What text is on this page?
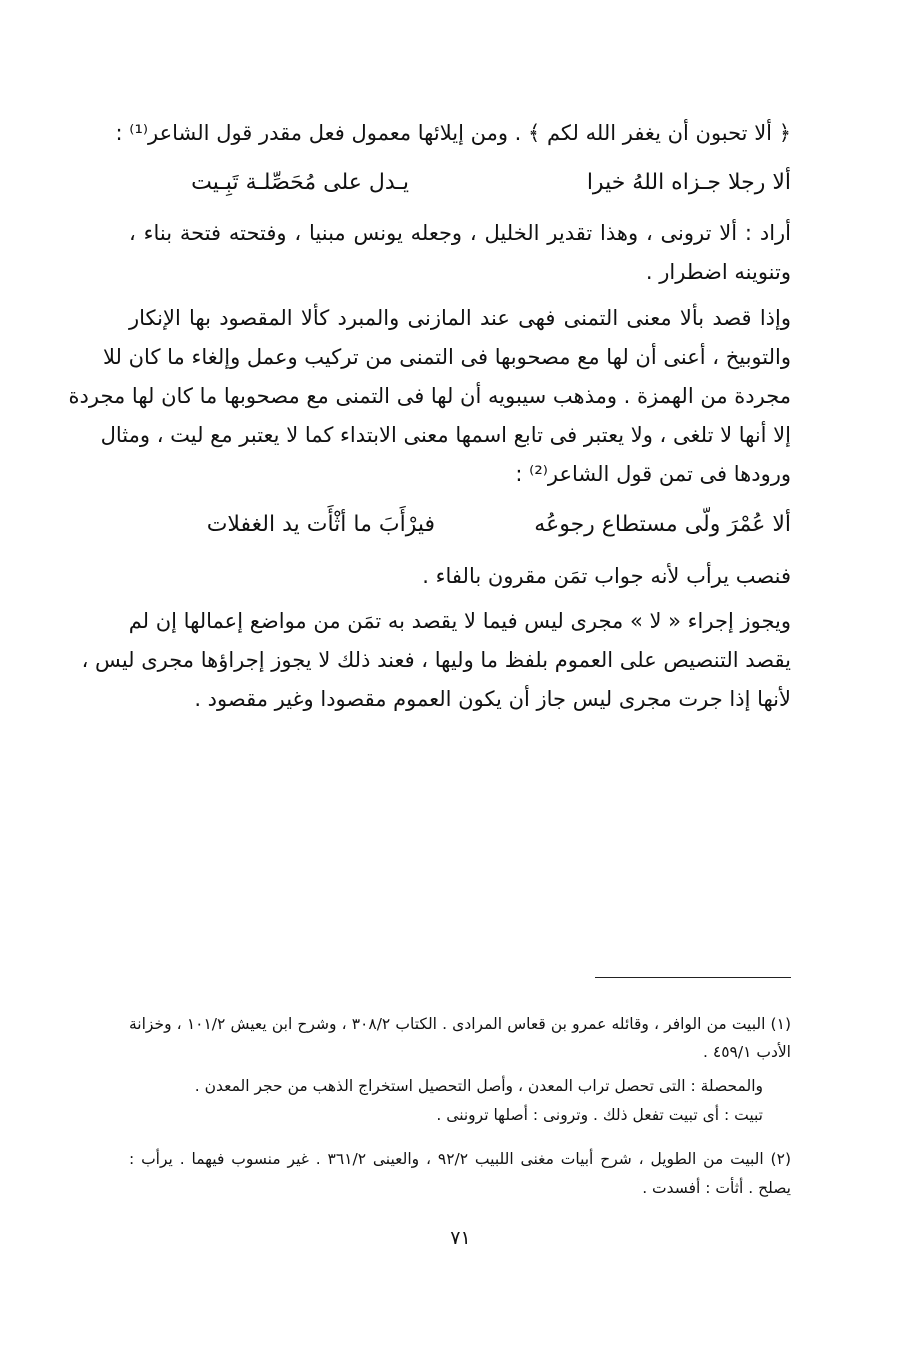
﴿ ألا تحبون أن يغفر الله لكم ﴾ . ومن إيلائها معمول فعل مقدر قول الشاعر⁽¹⁾ :
ألا رجلا جـزاه اللهُ خيرا
يـدل على مُحَصِّلـة تَبِـيت
أراد : ألا ترونى ، وهذا تقدير الخليل ، وجعله يونس مبنيا ، وفتحته فتحة بناء ،
وتنوينه اضطرار .
وإذا قصد بألا معنى التمنى فهى عند المازنى والمبرد كألا المقصود بها الإنكار
والتوبيخ ، أعنى أن لها مع مصحوبها فى التمنى من تركيب وعمل وإلغاء ما كان للا
مجردة من الهمزة . ومذهب سيبويه أن لها فى التمنى مع مصحوبها ما كان لها مجردة
إلا أنها لا تلغى ، ولا يعتبر فى تابع اسمها معنى الابتداء كما لا يعتبر مع ليت ، ومثال
ورودها فى تمن قول الشاعر⁽²⁾ :
ألا عُمْرَ ولّى مستطاع رجوعُه
فيرْأَبَ ما أثْأَت يد الغفلات
فنصب يرأب لأنه جواب تمَن مقرون بالفاء .
ويجوز إجراء « لا » مجرى ليس فيما لا يقصد به تمَن من مواضع إعمالها إن لم
يقصد التنصيص على العموم بلفظ ما وليها ، فعند ذلك لا يجوز إجراؤها مجرى ليس ،
لأنها إذا جرت مجرى ليس جاز أن يكون العموم مقصودا وغير مقصود .
(١) البيت من الوافر ، وقائله عمرو بن قعاس المرادى . الكتاب ٣٠٨/٢ ، وشرح ابن يعيش ١٠١/٢ ، وخزانة
الأدب ٤٥٩/١ .
والمحصلة : التى تحصل تراب المعدن ، وأصل التحصيل استخراج الذهب من حجر المعدن .
تبيت : أى تبيت تفعل ذلك . وترونى : أصلها تروننى .
(٢) البيت من الطويل ، شرح أبيات مغنى اللبيب ٩٢/٢ ، والعينى ٣٦١/٢ . غير منسوب فيهما . يرأب :
يصلح . أثأت : أفسدت .
٧١
